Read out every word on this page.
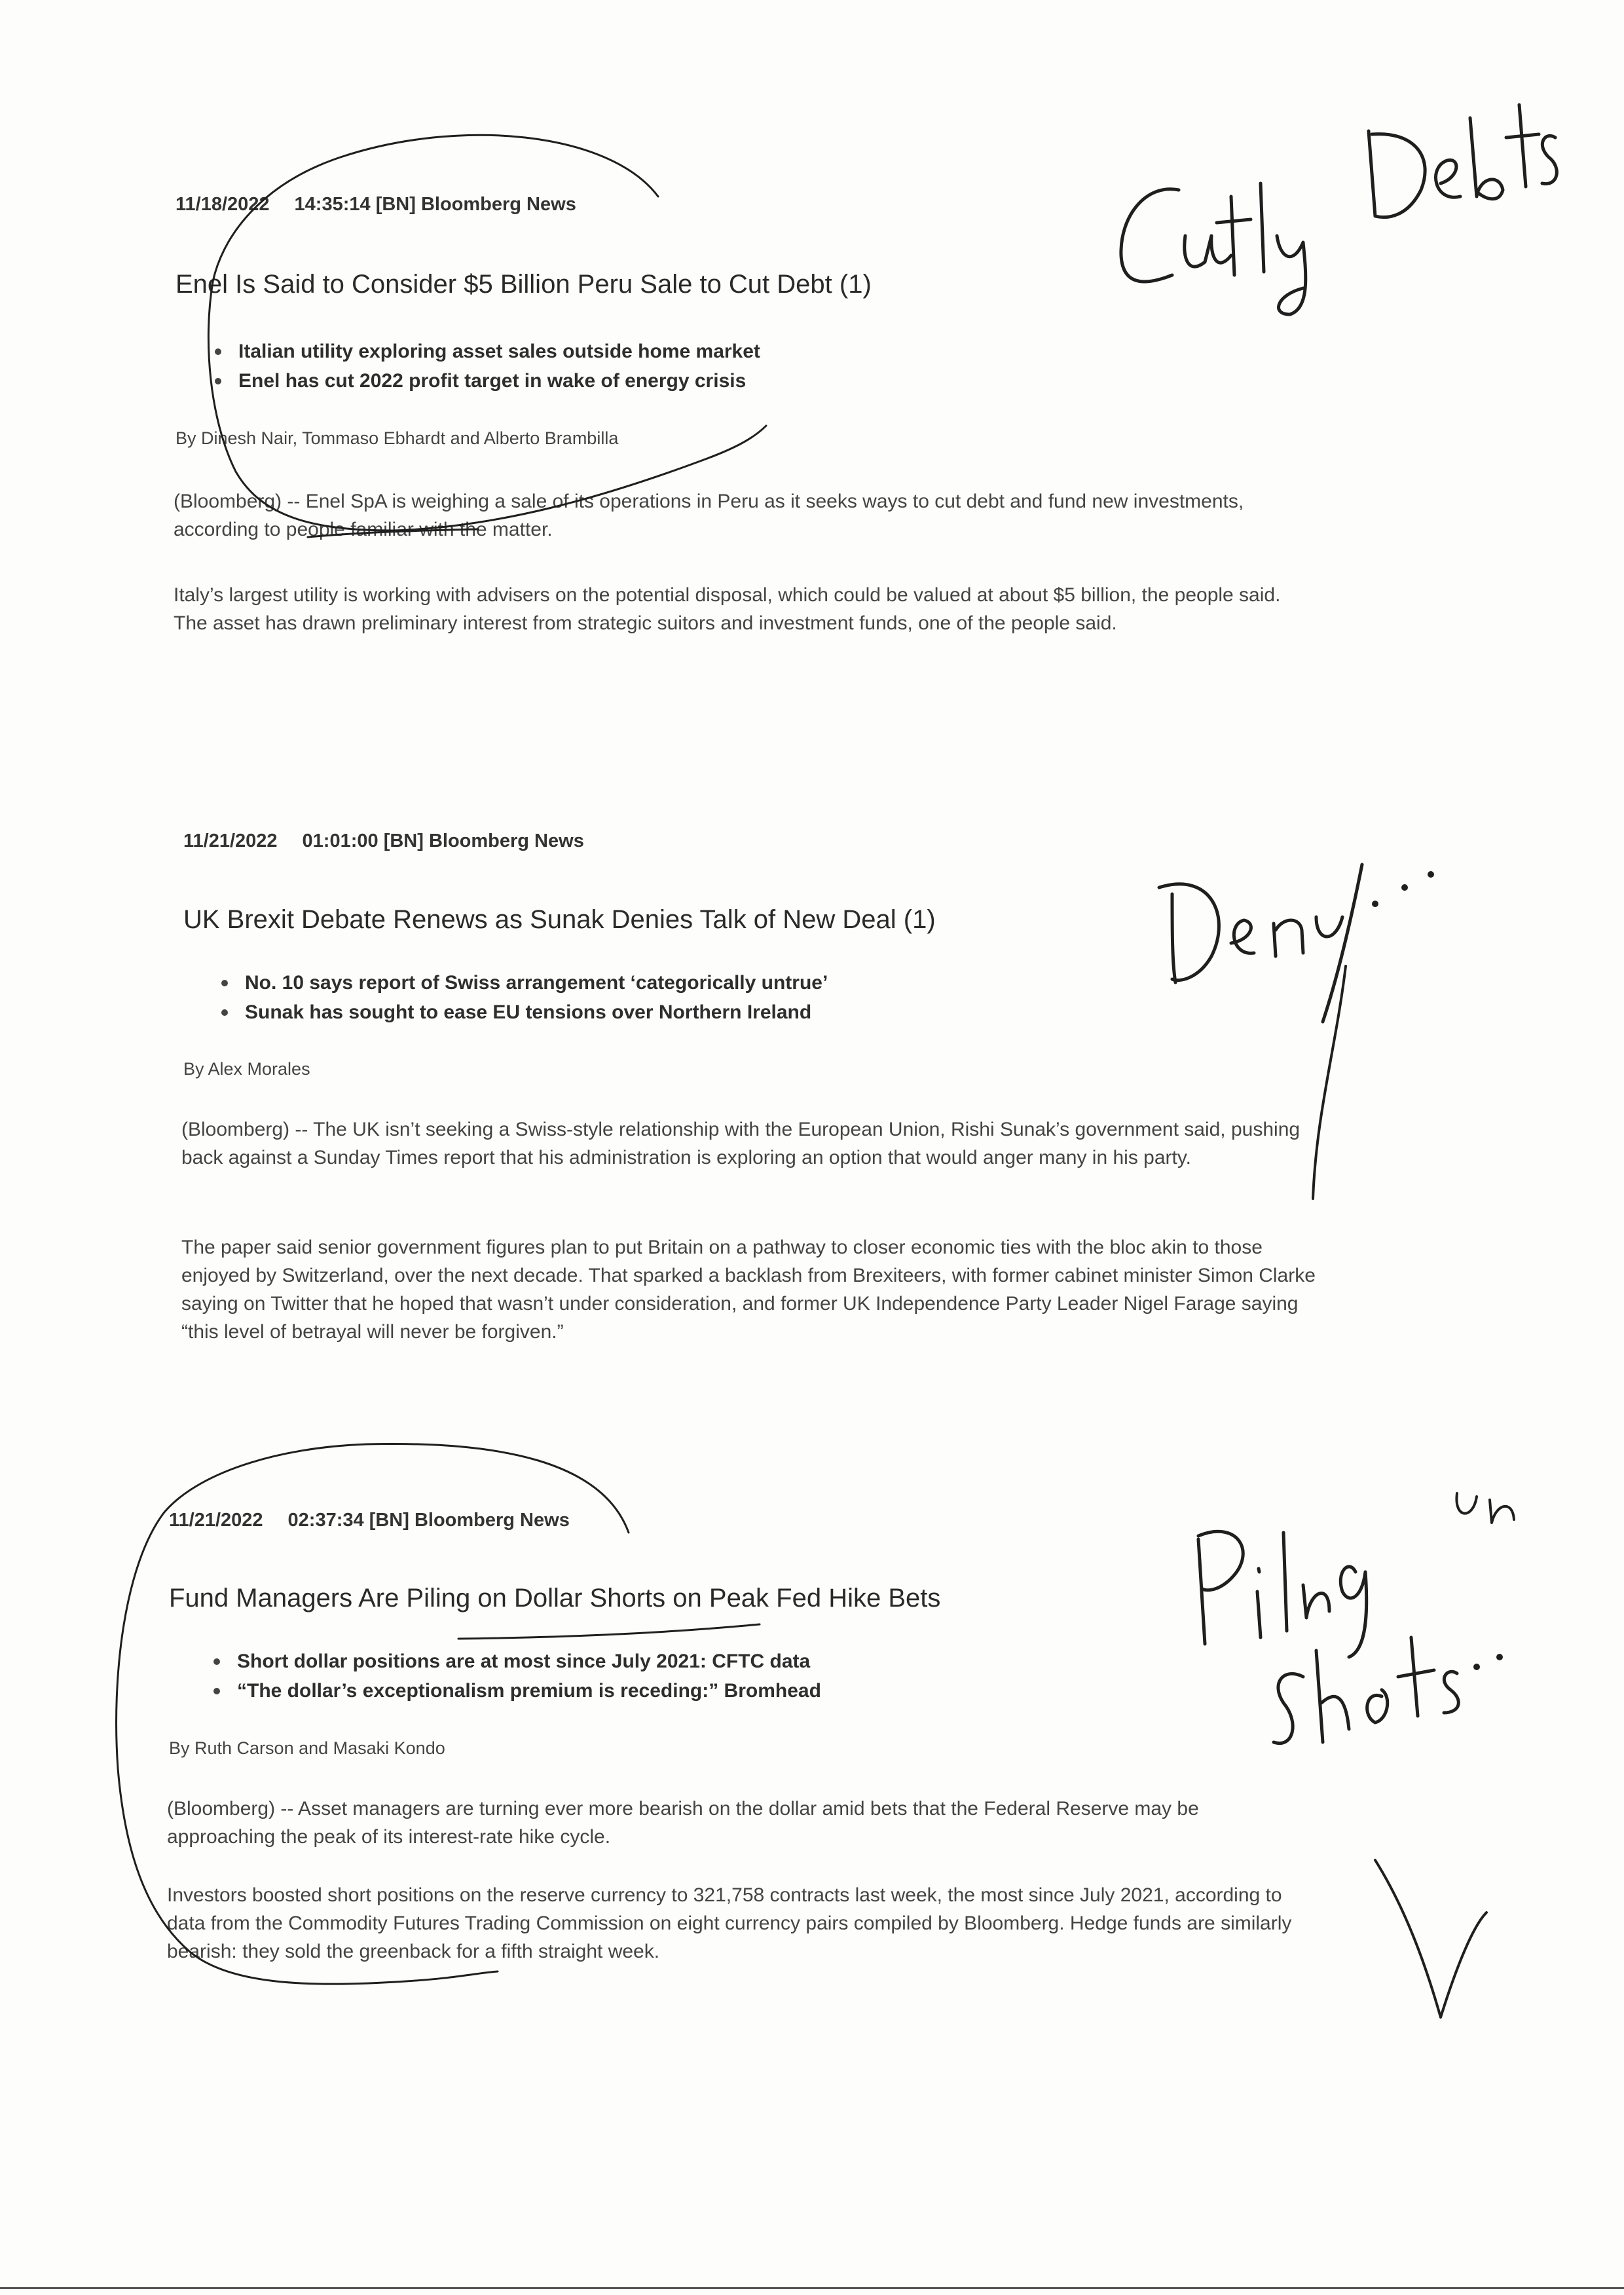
11/18/2022 14:35:14 [BN] Bloomberg News
Enel Is Said to Consider $5 Billion Peru Sale to Cut Debt (1)
Italian utility exploring asset sales outside home market
Enel has cut 2022 profit target in wake of energy crisis
By Dinesh Nair, Tommaso Ebhardt and Alberto Brambilla

(Bloomberg) -- Enel SpA is weighing a sale of its operations in Peru as it seeks ways to cut debt and fund new investments, according to people familiar with the matter.

Italy’s largest utility is working with advisers on the potential disposal, which could be valued at about $5 billion, the people said. The asset has drawn preliminary interest from strategic suitors and investment funds, one of the people said.

11/21/2022 01:01:00 [BN] Bloomberg News
UK Brexit Debate Renews as Sunak Denies Talk of New Deal (1)
No. 10 says report of Swiss arrangement ‘categorically untrue’
Sunak has sought to ease EU tensions over Northern Ireland
By Alex Morales

(Bloomberg) -- The UK isn’t seeking a Swiss-style relationship with the European Union, Rishi Sunak’s government said, pushing back against a Sunday Times report that his administration is exploring an option that would anger many in his party.

The paper said senior government figures plan to put Britain on a pathway to closer economic ties with the bloc akin to those enjoyed by Switzerland, over the next decade. That sparked a backlash from Brexiteers, with former cabinet minister Simon Clarke saying on Twitter that he hoped that wasn’t under consideration, and former UK Independence Party Leader Nigel Farage saying “this level of betrayal will never be forgiven.”

11/21/2022 02:37:34 [BN] Bloomberg News
Fund Managers Are Piling on Dollar Shorts on Peak Fed Hike Bets
Short dollar positions are at most since July 2021: CFTC data
“The dollar’s exceptionalism premium is receding:” Bromhead
By Ruth Carson and Masaki Kondo

(Bloomberg) -- Asset managers are turning ever more bearish on the dollar amid bets that the Federal Reserve may be approaching the peak of its interest-rate hike cycle.

Investors boosted short positions on the reserve currency to 321,758 contracts last week, the most since July 2021, according to data from the Commodity Futures Trading Commission on eight currency pairs compiled by Bloomberg. Hedge funds are similarly bearish: they sold the greenback for a fifth straight week.

Cutting Debts
Deny...
Piling on Shorts...
